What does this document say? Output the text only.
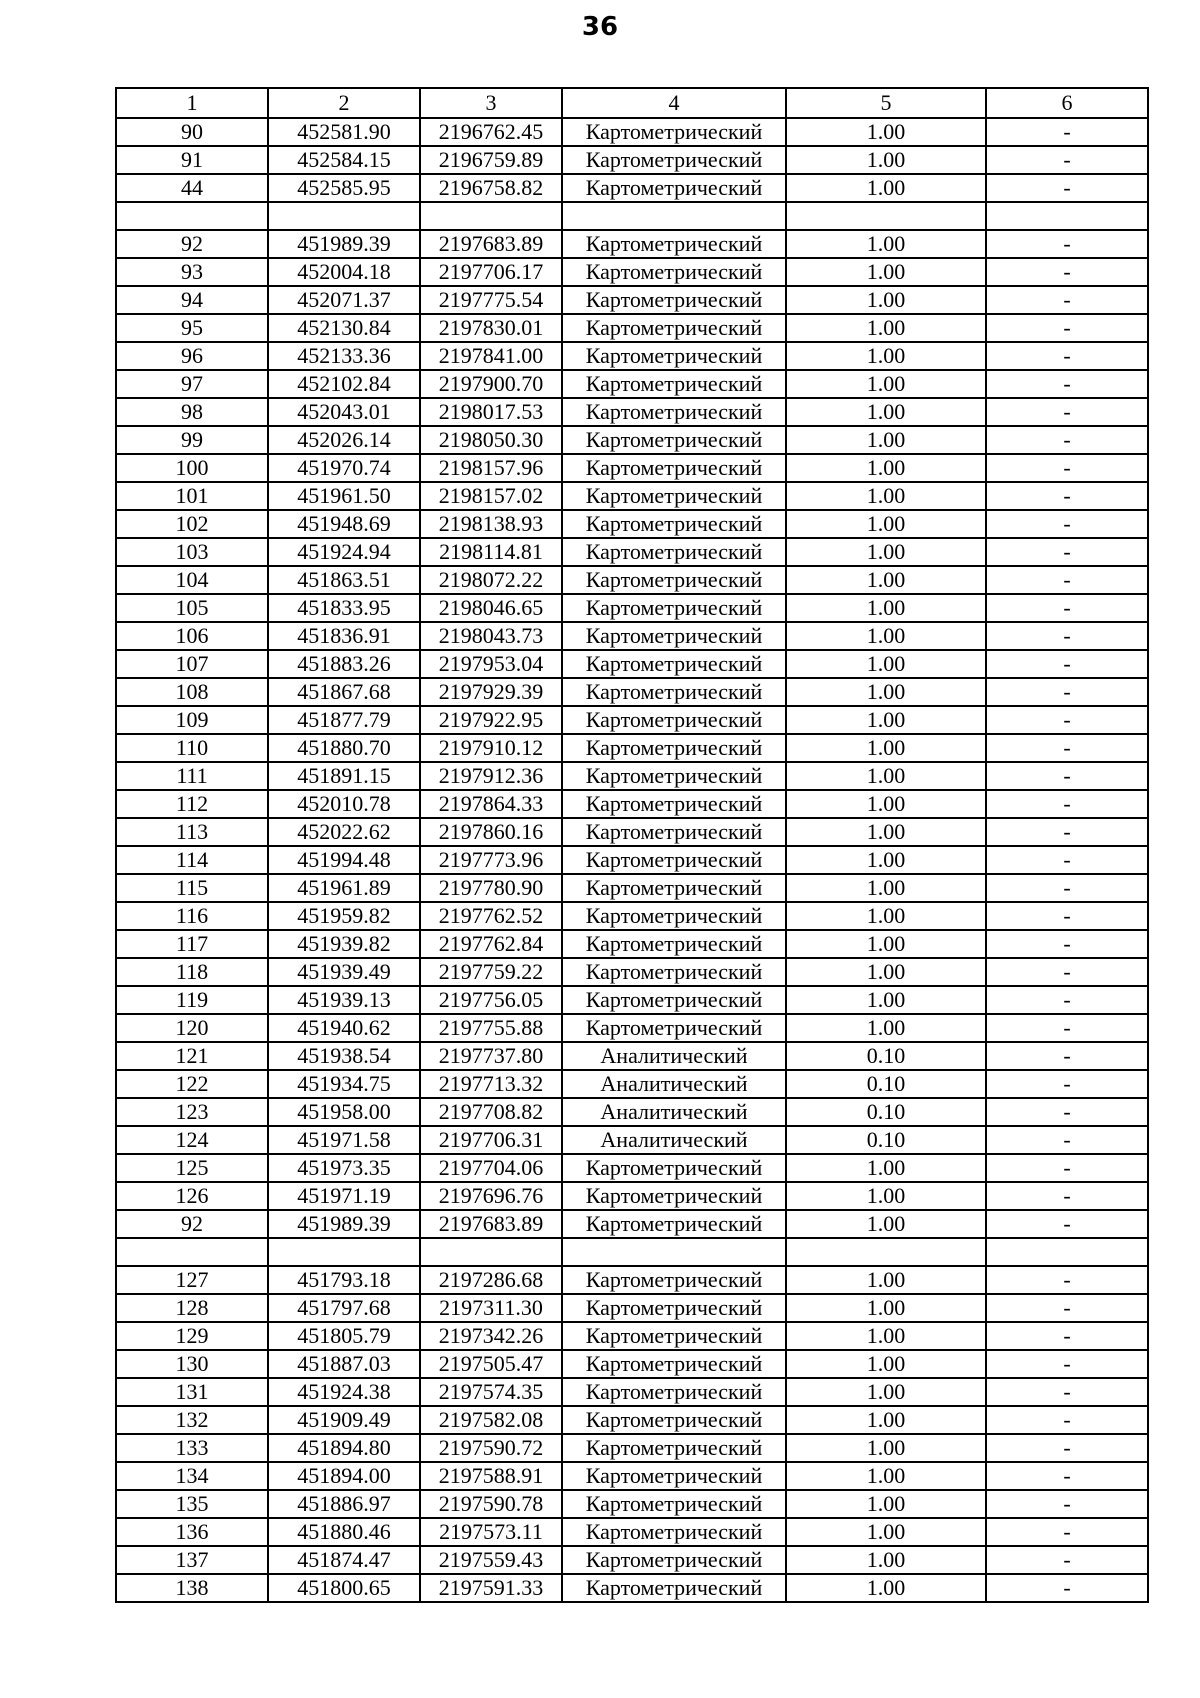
36
1	2	3	4	5	6
90	452581.90	2196762.45	Картометрический	1.00	-
91	452584.15	2196759.89	Картометрический	1.00	-
44	452585.95	2196758.82	Картометрический	1.00	-

92	451989.39	2197683.89	Картометрический	1.00	-
93	452004.18	2197706.17	Картометрический	1.00	-
94	452071.37	2197775.54	Картометрический	1.00	-
95	452130.84	2197830.01	Картометрический	1.00	-
96	452133.36	2197841.00	Картометрический	1.00	-
97	452102.84	2197900.70	Картометрический	1.00	-
98	452043.01	2198017.53	Картометрический	1.00	-
99	452026.14	2198050.30	Картометрический	1.00	-
100	451970.74	2198157.96	Картометрический	1.00	-
101	451961.50	2198157.02	Картометрический	1.00	-
102	451948.69	2198138.93	Картометрический	1.00	-
103	451924.94	2198114.81	Картометрический	1.00	-
104	451863.51	2198072.22	Картометрический	1.00	-
105	451833.95	2198046.65	Картометрический	1.00	-
106	451836.91	2198043.73	Картометрический	1.00	-
107	451883.26	2197953.04	Картометрический	1.00	-
108	451867.68	2197929.39	Картометрический	1.00	-
109	451877.79	2197922.95	Картометрический	1.00	-
110	451880.70	2197910.12	Картометрический	1.00	-
111	451891.15	2197912.36	Картометрический	1.00	-
112	452010.78	2197864.33	Картометрический	1.00	-
113	452022.62	2197860.16	Картометрический	1.00	-
114	451994.48	2197773.96	Картометрический	1.00	-
115	451961.89	2197780.90	Картометрический	1.00	-
116	451959.82	2197762.52	Картометрический	1.00	-
117	451939.82	2197762.84	Картометрический	1.00	-
118	451939.49	2197759.22	Картометрический	1.00	-
119	451939.13	2197756.05	Картометрический	1.00	-
120	451940.62	2197755.88	Картометрический	1.00	-
121	451938.54	2197737.80	Аналитический	0.10	-
122	451934.75	2197713.32	Аналитический	0.10	-
123	451958.00	2197708.82	Аналитический	0.10	-
124	451971.58	2197706.31	Аналитический	0.10	-
125	451973.35	2197704.06	Картометрический	1.00	-
126	451971.19	2197696.76	Картометрический	1.00	-
92	451989.39	2197683.89	Картометрический	1.00	-

127	451793.18	2197286.68	Картометрический	1.00	-
128	451797.68	2197311.30	Картометрический	1.00	-
129	451805.79	2197342.26	Картометрический	1.00	-
130	451887.03	2197505.47	Картометрический	1.00	-
131	451924.38	2197574.35	Картометрический	1.00	-
132	451909.49	2197582.08	Картометрический	1.00	-
133	451894.80	2197590.72	Картометрический	1.00	-
134	451894.00	2197588.91	Картометрический	1.00	-
135	451886.97	2197590.78	Картометрический	1.00	-
136	451880.46	2197573.11	Картометрический	1.00	-
137	451874.47	2197559.43	Картометрический	1.00	-
138	451800.65	2197591.33	Картометрический	1.00	-
